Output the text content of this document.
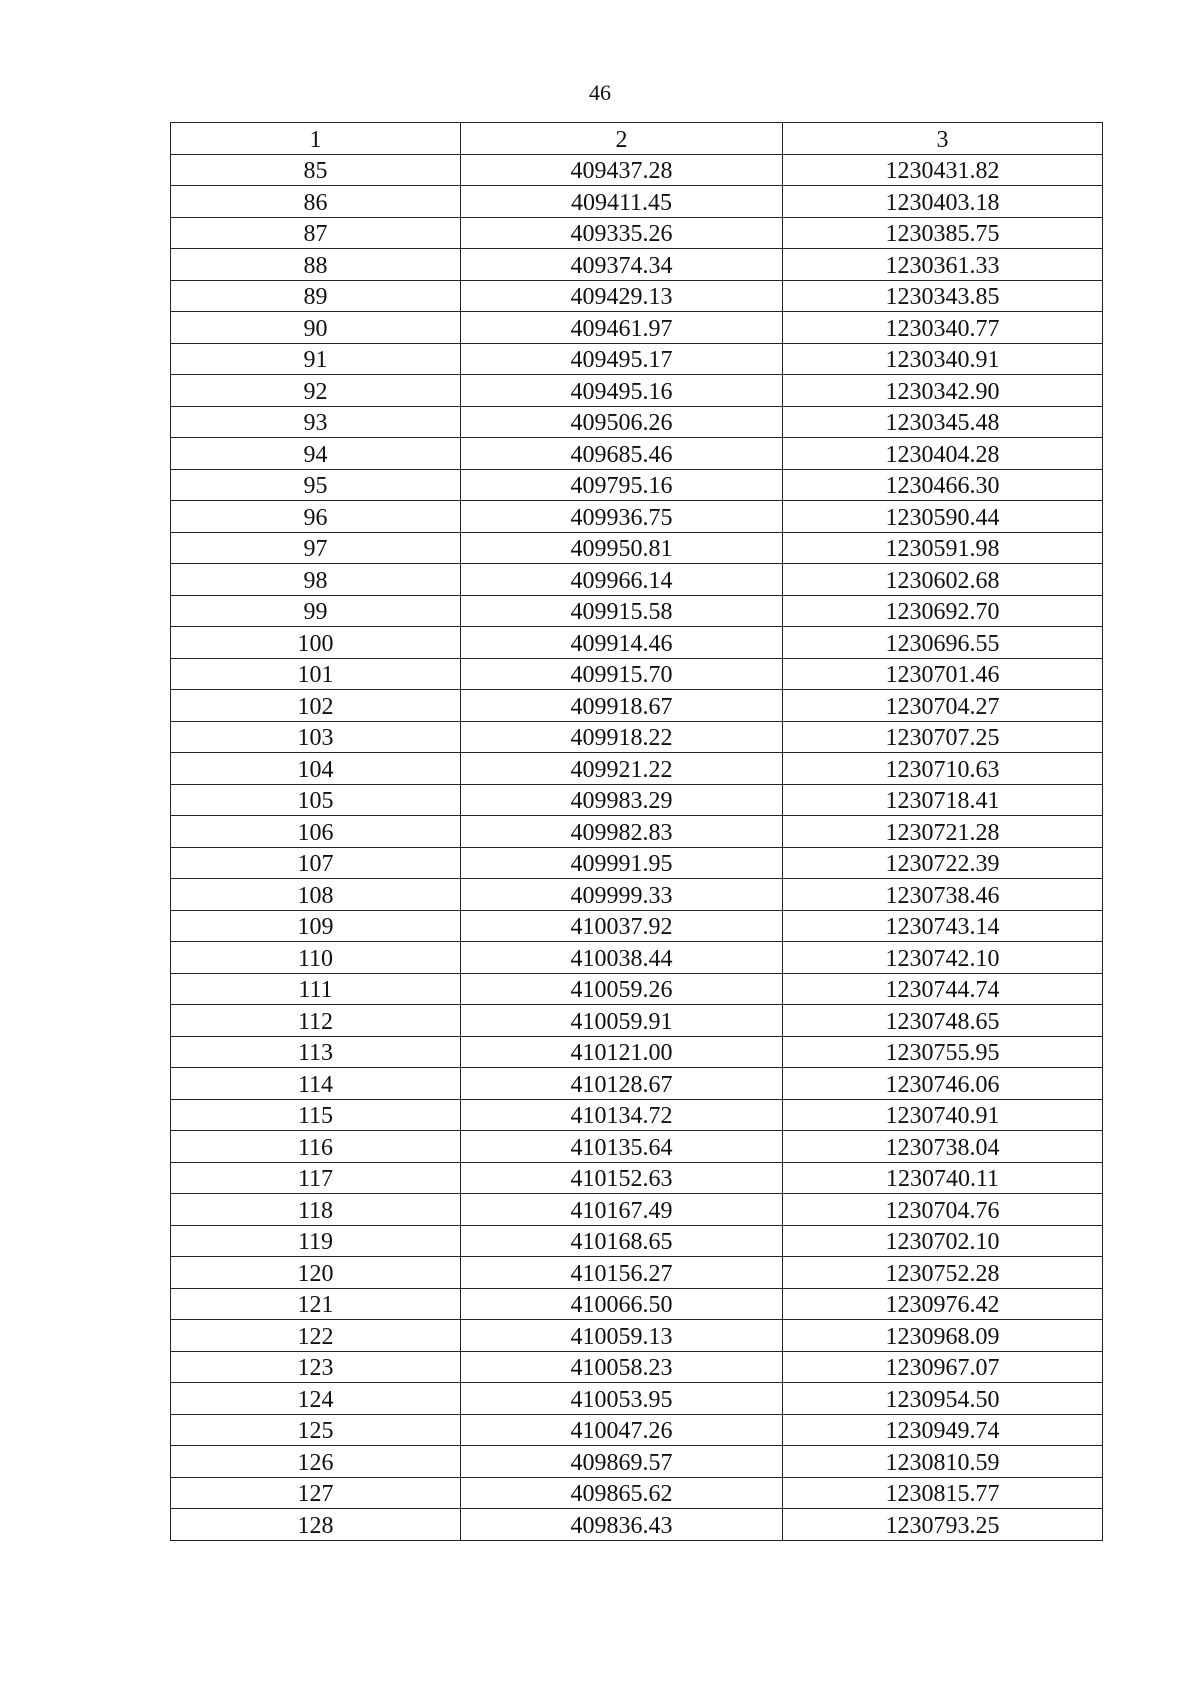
46
1	2	3
85	409437.28	1230431.82
86	409411.45	1230403.18
87	409335.26	1230385.75
88	409374.34	1230361.33
89	409429.13	1230343.85
90	409461.97	1230340.77
91	409495.17	1230340.91
92	409495.16	1230342.90
93	409506.26	1230345.48
94	409685.46	1230404.28
95	409795.16	1230466.30
96	409936.75	1230590.44
97	409950.81	1230591.98
98	409966.14	1230602.68
99	409915.58	1230692.70
100	409914.46	1230696.55
101	409915.70	1230701.46
102	409918.67	1230704.27
103	409918.22	1230707.25
104	409921.22	1230710.63
105	409983.29	1230718.41
106	409982.83	1230721.28
107	409991.95	1230722.39
108	409999.33	1230738.46
109	410037.92	1230743.14
110	410038.44	1230742.10
111	410059.26	1230744.74
112	410059.91	1230748.65
113	410121.00	1230755.95
114	410128.67	1230746.06
115	410134.72	1230740.91
116	410135.64	1230738.04
117	410152.63	1230740.11
118	410167.49	1230704.76
119	410168.65	1230702.10
120	410156.27	1230752.28
121	410066.50	1230976.42
122	410059.13	1230968.09
123	410058.23	1230967.07
124	410053.95	1230954.50
125	410047.26	1230949.74
126	409869.57	1230810.59
127	409865.62	1230815.77
128	409836.43	1230793.25
